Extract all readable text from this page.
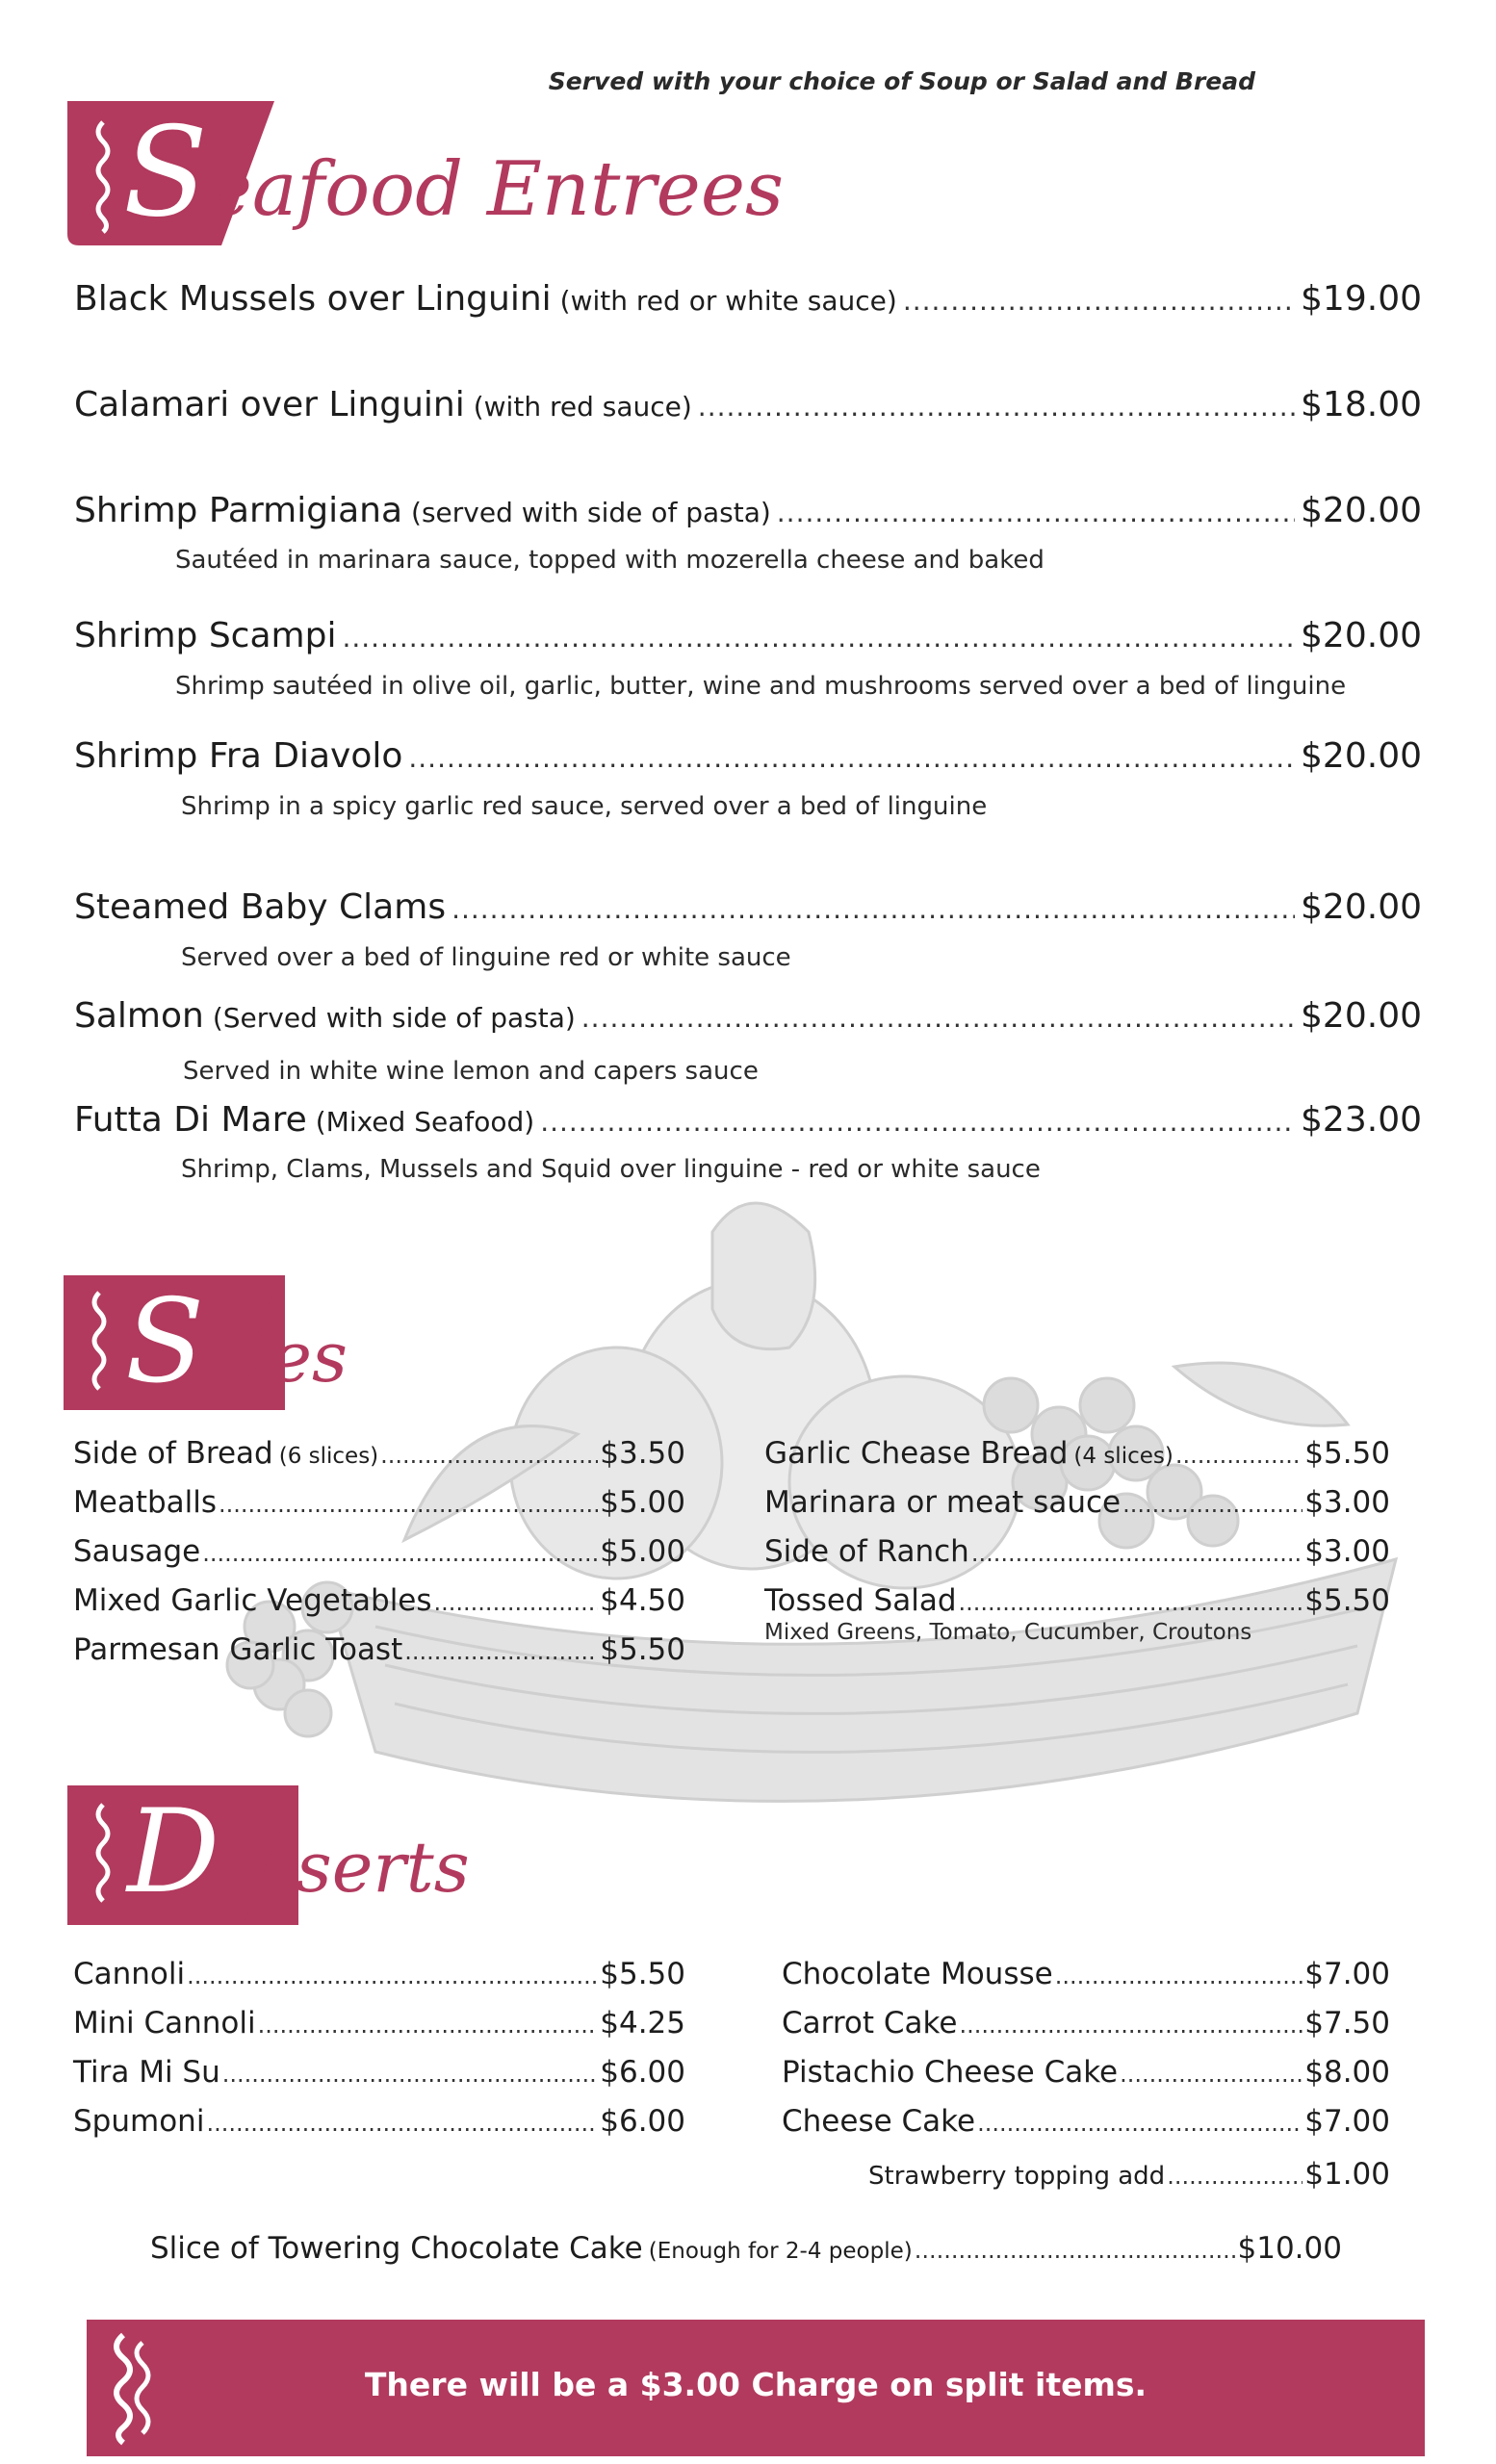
Served with your choice of Soup or Salad and Bread
Seafood Entrees
Black Mussels over Linguini (with red or white sauce) .....	$19.00
Calamari over Linguini (with red sauce) .....	$18.00
Shrimp Parmigiana (served with side of pasta) .....	$20.00
Sautéed in marinara sauce, topped with mozerella cheese and baked
Shrimp Scampi .....	$20.00
Shrimp sautéed in olive oil, garlic, butter, wine and mushrooms served over a bed of linguine
Shrimp Fra Diavolo .....	$20.00
Shrimp in a spicy garlic red sauce, served over a bed of linguine
Steamed Baby Clams .....	$20.00
Served over a bed of linguine red or white sauce
Salmon (Served with side of pasta) .....	$20.00
Served in white wine lemon and capers sauce
Futta Di Mare (Mixed Seafood) .....	$23.00
Shrimp, Clams, Mussels and Squid over linguine - red or white sauce
Sides
Side of Bread (6 slices) .....	$3.50
Meatballs .....	$5.00
Sausage .....	$5.00
Mixed Garlic Vegetables .....	$4.50
Parmesan Garlic Toast .....	$5.50
Garlic Chease Bread (4 slices) .....	$5.50
Marinara or meat sauce .....	$3.00
Side of Ranch .....	$3.00
Tossed Salad .....	$5.50
Mixed Greens, Tomato, Cucumber, Croutons
Desserts
Cannoli .....	$5.50
Mini Cannoli .....	$4.25
Tira Mi Su .....	$6.00
Spumoni .....	$6.00
Chocolate Mousse .....	$7.00
Carrot Cake .....	$7.50
Pistachio Cheese Cake .....	$8.00
Cheese Cake .....	$7.00
Strawberry topping add .....	$1.00
Slice of Towering Chocolate Cake (Enough for 2-4 people) .....	$10.00
There will be a $3.00 Charge on split items.
